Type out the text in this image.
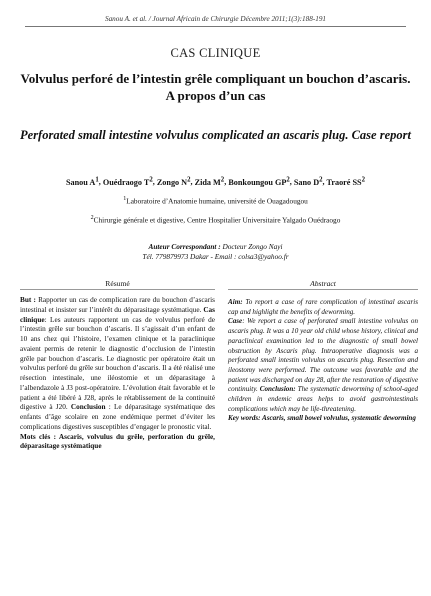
Sanou A. et al. / Journal Africain de Chirurgie Décembre 2011;1(3):188-191
CAS CLINIQUE
Volvulus perforé de l’intestin grêle compliquant un bouchon d’ascaris. A propos d’un cas
Perforated small intestine volvulus complicated an ascaris plug. Case report
Sanou $A^1$, Ouédraogo $T^2$, Zongo $N^2$, Zida $M^2$, Bonkoungou $GP^2$, Sano $D^2$, Traoré $SS^2$
$^1$Laboratoire d’Anatomie humaine, université de Ouagadougou
$^2$Chirurgie générale et digestive, Centre Hospitalier Universitaire Yalgado Ouédraogo
Auteur Correspondant : Docteur Zongo Nayi
Tél. 779879973 Dakar - Email : colsa3@yahoo.fr
Résumé	Abstract
But : Rapporter un cas de complication rare du bouchon d’ascaris intestinal et insister sur l’intérêt du déparasitage systématique. Cas clinique: Les auteurs rapportent un cas de volvulus perforé de l’intestin grêle sur bouchon d’ascaris. Il s’agissait d’un enfant de 10 ans chez qui l’histoire, l’examen clinique et la paraclinique avaient permis de retenir le diagnostic d’occlusion de l’intestin grêle par bouchon d’ascaris. Le diagnostic per opératoire était un volvulus perforé du grêle sur bouchon d’ascaris. Il a été réalisé une résection intestinale, une iléostomie et un déparasitage à l’albendazole à J3 post-opératoire. L’évolution était favorable et le patient a été libéré à J28, après le rétablissement de la continuité digestive à J20. Conclusion : Le déparasitage systématique des enfants d’âge scolaire en zone endémique permet d’éviter les complications digestives susceptibles d’engager le pronostic vital.
Mots clés : Ascaris, volvulus du grêle, perforation du grêle, déparasitage systématique
Aim: To report a case of rare complication of intestinal ascaris cap and highlight the benefits of deworming.
Case: We report a case of perforated small intestine volvulus on ascaris plug. It was a 10 year old child whose history, clinical and paraclinical examination led to the diagnostic of small bowel obstruction by Ascaris plug. Intraoperative diagnosis was a perforated small intestin volvulus on ascaris plug. Resection and ileostomy were performed. The outcome was favorable and the patient was discharged on day 28, after the restoration of digestive continuity. Conclusion: The systematic deworming of school-aged children in endemic areas helps to avoid gastrointestinals complications which may be life-threatening.
Key words: Ascaris, small bowel volvulus, systematic deworming
